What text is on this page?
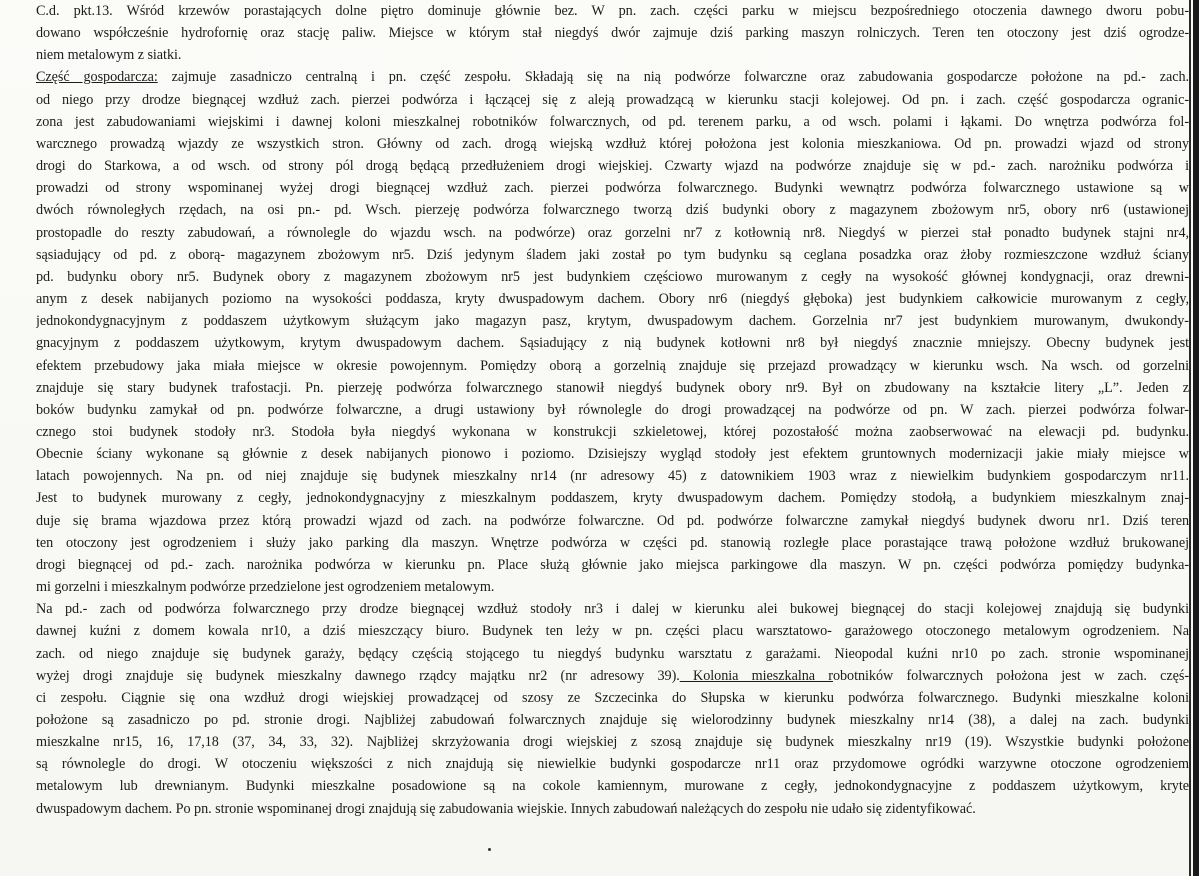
C.d. pkt.13. Wśród krzewów porastających dolne piętro dominuje głównie bez. W pn. zach. części parku w miejscu bezpośredniego otoczenia dawnego dworu pobu-
dowano współcześnie hydrofornię oraz stację paliw. Miejsce w którym stał niegdyś dwór zajmuje dziś parking maszyn rolniczych. Teren ten otoczony jest dziś ogrodze-
niem metalowym z siatki.
Część gospodarcza: zajmuje zasadniczo centralną i pn. część zespołu. Składają się na nią podwórze folwarczne oraz zabudowania gospodarcze położone na pd.- zach.
od niego przy drodze biegnącej wzdłuż zach. pierzei podwórza i łączącej się z aleją prowadzącą w kierunku stacji kolejowej. Od pn. i zach. część gospodarcza ogranic-
zona jest zabudowaniami wiejskimi i dawnej koloni mieszkalnej robotników folwarcznych, od pd. terenem parku, a od wsch. polami i łąkami. Do wnętrza podwórza fol-
warcznego prowadzą wjazdy ze wszystkich stron. Główny od zach. drogą wiejską wzdłuż której położona jest kolonia mieszkaniowa. Od pn. prowadzi wjazd od strony
drogi do Starkowa, a od wsch. od strony pól drogą będącą przedłużeniem drogi wiejskiej. Czwarty wjazd na podwórze znajduje się w pd.- zach. narożniku podwórza i
prowadzi od strony wspominanej wyżej drogi biegnącej wzdłuż zach. pierzei podwórza folwarcznego. Budynki wewnątrz podwórza folwarcznego ustawione są w
dwóch równoległych rzędach, na osi pn.- pd. Wsch. pierzeję podwórza folwarcznego tworzą dziś budynki obory z magazynem zbożowym nr5, obory nr6 (ustawionej
prostopadle do reszty zabudowań, a równolegle do wjazdu wsch. na podwórze) oraz gorzelni nr7 z kotłownią nr8. Niegdyś w pierzei stał ponadto budynek stajni nr4,
sąsiadujący od pd. z oborą- magazynem zbożowym nr5. Dziś jedynym śladem jaki został po tym budynku są ceglana posadzka oraz żłoby rozmieszczone wzdłuż ściany
pd. budynku obory nr5. Budynek obory z magazynem zbożowym nr5 jest budynkiem częściowo murowanym z cegły na wysokość głównej kondygnacji, oraz drewni-
anym z desek nabijanych poziomo na wysokości poddasza, kryty dwuspadowym dachem. Obory nr6 (niegdyś głęboka) jest budynkiem całkowicie murowanym z cegły,
jednokondygnacyjnym z poddaszem użytkowym służącym jako magazyn pasz, krytym, dwuspadowym dachem. Gorzelnia nr7 jest budynkiem murowanym, dwukondy-
gnacyjnym z poddaszem użytkowym, krytym dwuspadowym dachem. Sąsiadujący z nią budynek kotłowni nr8 był niegdyś znacznie mniejszy. Obecny budynek jest
efektem przebudowy jaka miała miejsce w okresie powojennym. Pomiędzy oborą a gorzelnią znajduje się przejazd prowadzący w kierunku wsch. Na wsch. od gorzelni
znajduje się stary budynek trafostacji. Pn. pierzeję podwórza folwarcznego stanowił niegdyś budynek obory nr9. Był on zbudowany na kształcie litery „L”. Jeden z
boków budynku zamykał od pn. podwórze folwarczne, a drugi ustawiony był równolegle do drogi prowadzącej na podwórze od pn. W zach. pierzei podwórza folwar-
cznego stoi budynek stodoły nr3. Stodoła była niegdyś wykonana w konstrukcji szkieletowej, której pozostałość można zaobserwować na elewacji pd. budynku.
Obecnie ściany wykonane są głównie z desek nabijanych pionowo i poziomo. Dzisiejszy wygląd stodoły jest efektem gruntownych modernizacji jakie miały miejsce w
latach powojennych. Na pn. od niej znajduje się budynek mieszkalny nr14 (nr adresowy 45) z datownikiem 1903 wraz z niewielkim budynkiem gospodarczym nr11.
Jest to budynek murowany z cegły, jednokondygnacyjny z mieszkalnym poddaszem, kryty dwuspadowym dachem. Pomiędzy stodołą, a budynkiem mieszkalnym znaj-
duje się brama wjazdowa przez którą prowadzi wjazd od zach. na podwórze folwarczne. Od pd. podwórze folwarczne zamykał niegdyś budynek dworu nr1. Dziś teren
ten otoczony jest ogrodzeniem i służy jako parking dla maszyn. Wnętrze podwórza w części pd. stanowią rozległe place porastające trawą położone wzdłuż brukowanej
drogi biegnącej od pd.- zach. narożnika podwórza w kierunku pn. Place służą głównie jako miejsca parkingowe dla maszyn. W pn. części podwórza pomiędzy budynka-
mi gorzelni i mieszkalnym podwórze przedzielone jest ogrodzeniem metalowym.
Na pd.- zach od podwórza folwarcznego przy drodze biegnącej wzdłuż stodoły nr3 i dalej w kierunku alei bukowej biegnącej do stacji kolejowej znajdują się budynki
dawnej kuźni z domem kowala nr10, a dziś mieszczący biuro. Budynek ten leży w pn. części placu warsztatowo- garażowego otoczonego metalowym ogrodzeniem. Na
zach. od niego znajduje się budynek garaży, będący częścią stojącego tu niegdyś budynku warsztatu z garażami. Nieopodal kuźni nr10 po zach. stronie wspominanej
wyżej drogi znajduje się budynek mieszkalny dawnego rządcy majątku nr2 (nr adresowy 39). Kolonia mieszkalna robotników folwarcznych położona jest w zach. częś-
ci zespołu. Ciągnie się ona wzdłuż drogi wiejskiej prowadzącej od szosy ze Szczecinka do Słupska w kierunku podwórza folwarcznego. Budynki mieszkalne koloni
położone są zasadniczo po pd. stronie drogi. Najbliżej zabudowań folwarcznych znajduje się wielorodzinny budynek mieszkalny nr14 (38), a dalej na zach. budynki
mieszkalne nr15, 16, 17,18 (37, 34, 33, 32). Najbliżej skrzyżowania drogi wiejskiej z szosą znajduje się budynek mieszkalny nr19 (19). Wszystkie budynki położone
są równolegle do drogi. W otoczeniu większości z nich znajdują się niewielkie budynki gospodarcze nr11 oraz przydomowe ogródki warzywne otoczone ogrodzeniem
metalowym lub drewnianym. Budynki mieszkalne posadowione są na cokole kamiennym, murowane z cegły, jednokondygnacyjne z poddaszem użytkowym, kryte
dwuspadowym dachem. Po pn. stronie wspominanej drogi znajdują się zabudowania wiejskie. Innych zabudowań należących do zespołu nie udało się zidentyfikować.
